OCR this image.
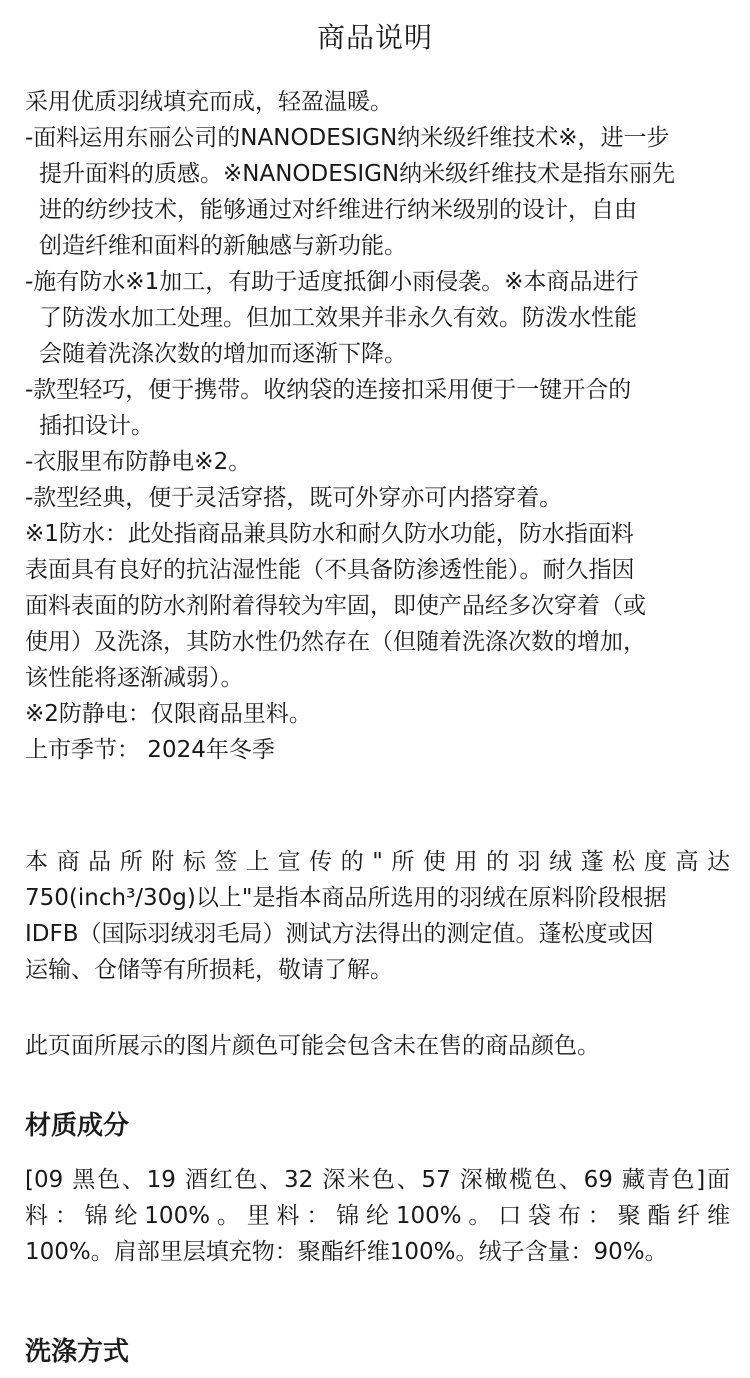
商品说明
采用优质羽绒填充而成，轻盈温暖。
-面料运用东丽公司的NANODESIGN纳米级纤维技术※，进一步
提升面料的质感。※NANODESIGN纳米级纤维技术是指东丽先
进的纺纱技术，能够通过对纤维进行纳米级别的设计，自由
创造纤维和面料的新触感与新功能。
-施有防水※1加工，有助于适度抵御小雨侵袭。※本商品进行
了防泼水加工处理。但加工效果并非永久有效。防泼水性能
会随着洗涤次数的增加而逐渐下降。
-款型轻巧，便于携带。收纳袋的连接扣采用便于一键开合的
插扣设计。
-衣服里布防静电※2。
-款型经典，便于灵活穿搭，既可外穿亦可内搭穿着。
※1防水：此处指商品兼具防水和耐久防水功能，防水指面料
表面具有良好的抗沾湿性能（不具备防渗透性能）。耐久指因
面料表面的防水剂附着得较为牢固，即使产品经多次穿着（或
使用）及洗涤，其防水性仍然存在（但随着洗涤次数的增加，
该性能将逐渐减弱）。
※2防静电：仅限商品里料。
上市季节： 2024年冬季
本商品所附标签上宣传的"所使用的羽绒蓬松度高达
750(inch³/30g)以上"是指本商品所选用的羽绒在原料阶段根据
IDFB（国际羽绒羽毛局）测试方法得出的测定值。蓬松度或因
运输、仓储等有所损耗，敬请了解。
此页面所展示的图片颜色可能会包含未在售的商品颜色。
材质成分
[09 黑色、19 酒红色、32 深米色、57 深橄榄色、69 藏青色]面
料：锦纶100%。里料：锦纶100%。口袋布：聚酯纤维
100%。肩部里层填充物：聚酯纤维100%。绒子含量：90%。
洗涤方式
